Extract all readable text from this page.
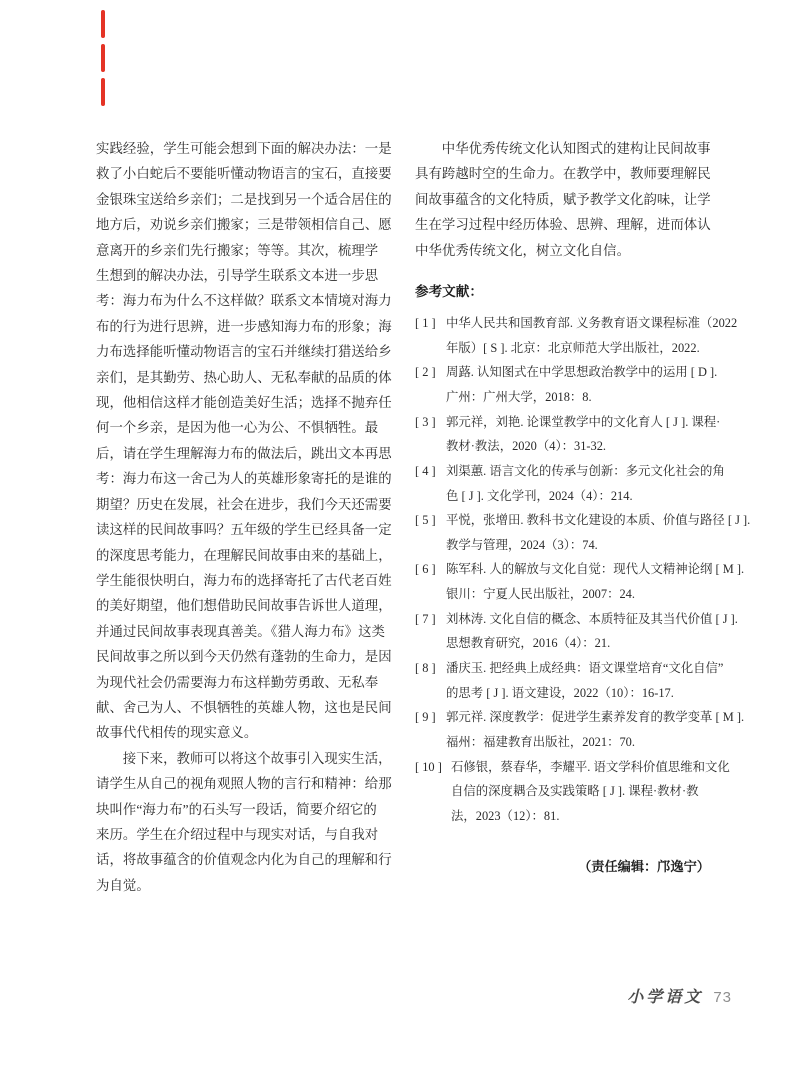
实践经验，学生可能会想到下面的解决办法：一是
救了小白蛇后不要能听懂动物语言的宝石，直接要
金银珠宝送给乡亲们；二是找到另一个适合居住的
地方后，劝说乡亲们搬家；三是带领相信自己、愿
意离开的乡亲们先行搬家；等等。其次，梳理学
生想到的解决办法，引导学生联系文本进一步思
考：海力布为什么不这样做？联系文本情境对海力
布的行为进行思辨，进一步感知海力布的形象；海
力布选择能听懂动物语言的宝石并继续打猎送给乡
亲们，是其勤劳、热心助人、无私奉献的品质的体
现，他相信这样才能创造美好生活；选择不抛弃任
何一个乡亲，是因为他一心为公、不惧牺牲。最
后，请在学生理解海力布的做法后，跳出文本再思
考：海力布这一舍己为人的英雄形象寄托的是谁的
期望？历史在发展，社会在进步，我们今天还需要
读这样的民间故事吗？五年级的学生已经具备一定
的深度思考能力，在理解民间故事由来的基础上，
学生能很快明白，海力布的选择寄托了古代老百姓
的美好期望，他们想借助民间故事告诉世人道理，
并通过民间故事表现真善美。《猎人海力布》这类
民间故事之所以到今天仍然有蓬勃的生命力，是因
为现代社会仍需要海力布这样勤劳勇敢、无私奉
献、舍己为人、不惧牺牲的英雄人物，这也是民间
故事代代相传的现实意义。
接下来，教师可以将这个故事引入现实生活，
请学生从自己的视角观照人物的言行和精神：给那
块叫作“海力布”的石头写一段话，简要介绍它的
来历。学生在介绍过程中与现实对话，与自我对
话，将故事蕴含的价值观念内化为自己的理解和行
为自觉。
中华优秀传统文化认知图式的建构让民间故事
具有跨越时空的生命力。在教学中，教师要理解民
间故事蕴含的文化特质，赋予教学文化韵味，让学
生在学习过程中经历体验、思辨、理解，进而体认
中华优秀传统文化，树立文化自信。
参考文献：
[ 1 ] 中华人民共和国教育部. 义务教育语文课程标准（2022
年版）[ S ]. 北京：北京师范大学出版社，2022.
[ 2 ] 周蕗. 认知图式在中学思想政治教学中的运用 [ D ].
广州：广州大学，2018：8.
[ 3 ] 郭元祥，刘艳. 论课堂教学中的文化育人 [ J ]. 课程·
教材·教法，2020（4）：31-32.
[ 4 ] 刘渠蕙. 语言文化的传承与创新：多元文化社会的角
色 [ J ]. 文化学刊，2024（4）：214.
[ 5 ] 平悦，张增田. 教科书文化建设的本质、价值与路径 [ J ].
教学与管理，2024（3）：74.
[ 6 ] 陈军科. 人的解放与文化自觉：现代人文精神论纲 [ M ].
银川：宁夏人民出版社，2007：24.
[ 7 ] 刘林涛. 文化自信的概念、本质特征及其当代价值 [ J ].
思想教育研究，2016（4）：21.
[ 8 ] 潘庆玉. 把经典上成经典：语文课堂培育“文化自信”
的思考 [ J ]. 语文建设，2022（10）：16-17.
[ 9 ] 郭元祥. 深度教学：促进学生素养发育的教学变革 [ M ].
福州：福建教育出版社，2021：70.
[ 10 ] 石修银，蔡春华，李耀平. 语文学科价值思维和文化
自信的深度耦合及实践策略 [ J ]. 课程·教材·教
法，2023（12）：81.
（责任编辑：邝逸宁）
小学语文 73
